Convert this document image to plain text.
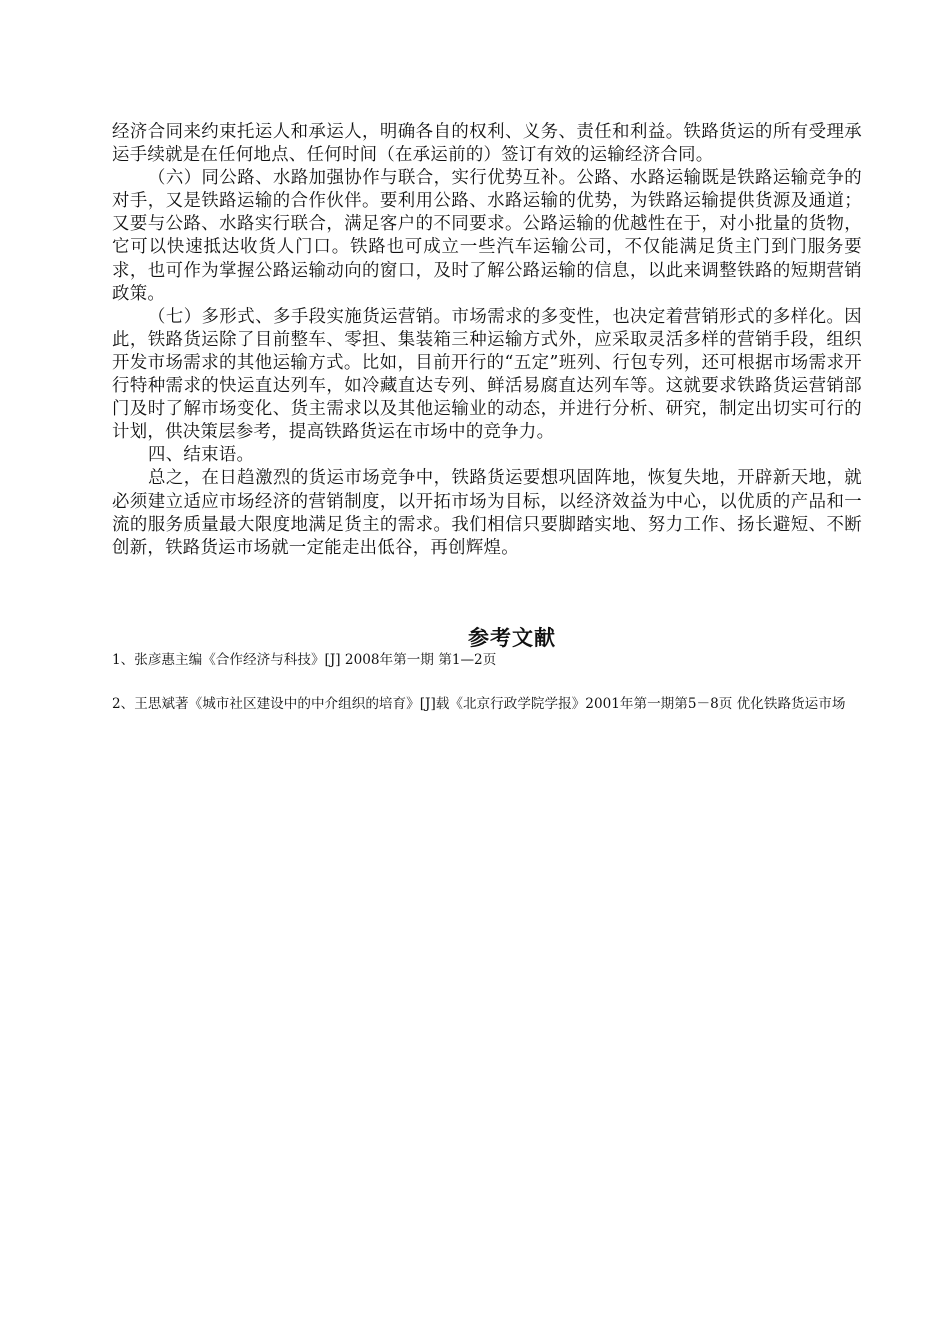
经济合同来约束托运人和承运人，明确各自的权利、义务、责任和利益。铁路货运的所有受理承运手续就是在任何地点、任何时间（在承运前的）签订有效的运输经济合同。

（六）同公路、水路加强协作与联合，实行优势互补。公路、水路运输既是铁路运输竞争的对手，又是铁路运输的合作伙伴。要利用公路、水路运输的优势，为铁路运输提供货源及通道；又要与公路、水路实行联合，满足客户的不同要求。公路运输的优越性在于，对小批量的货物，它可以快速抵达收货人门口。铁路也可成立一些汽车运输公司，不仅能满足货主门到门服务要求，也可作为掌握公路运输动向的窗口，及时了解公路运输的信息，以此来调整铁路的短期营销政策。

（七）多形式、多手段实施货运营销。市场需求的多变性，也决定着营销形式的多样化。因此，铁路货运除了目前整车、零担、集装箱三种运输方式外，应采取灵活多样的营销手段，组织开发市场需求的其他运输方式。比如，目前开行的“五定”班列、行包专列，还可根据市场需求开行特种需求的快运直达列车，如冷藏直达专列、鲜活易腐直达列车等。这就要求铁路货运营销部门及时了解市场变化、货主需求以及其他运输业的动态，并进行分析、研究，制定出切实可行的计划，供决策层参考，提高铁路货运在市场中的竞争力。

四、结束语。

总之，在日趋激烈的货运市场竞争中，铁路货运要想巩固阵地，恢复失地，开辟新天地，就必须建立适应市场经济的营销制度，以开拓市场为目标，以经济效益为中心，以优质的产品和一流的服务质量最大限度地满足货主的需求。我们相信只要脚踏实地、努力工作、扬长避短、不断创新，铁路货运市场就一定能走出低谷，再创辉煌。

参考文献
1、张彦惠主编《合作经济与科技》[J] 2008年第一期 第1—2页
2、王思斌著《城市社区建设中的中介组织的培育》[J]载《北京行政学院学报》2001年第一期第5－8页 优化铁路货运市场
